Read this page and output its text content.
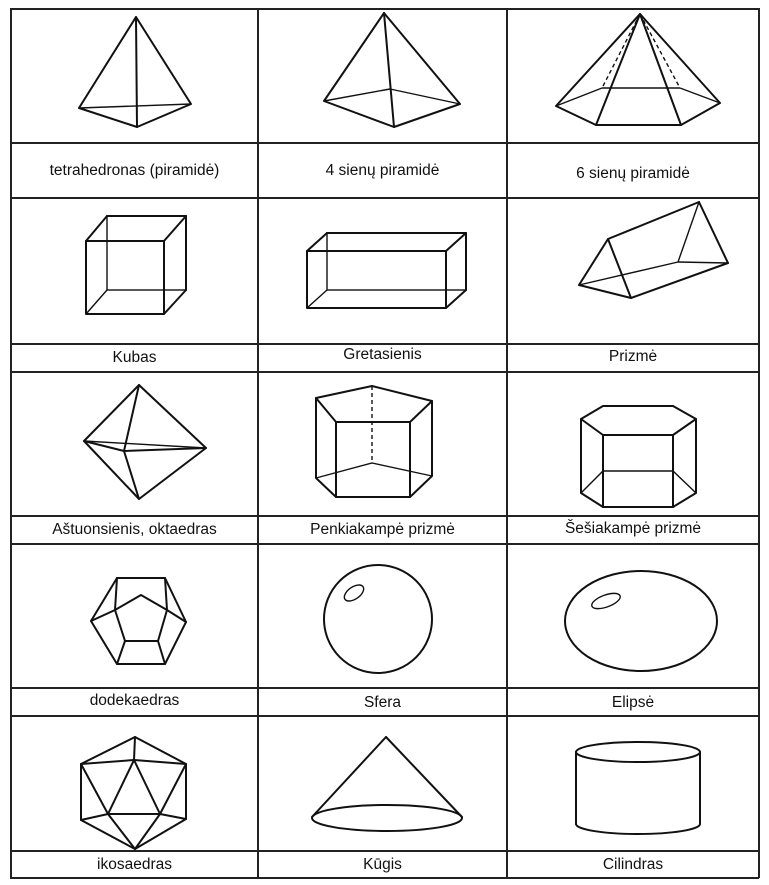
tetrahedronas (piramidė)	4 sienų piramidė	6 sienų piramidė
Kubas	Gretasienis	Prizmė
Aštuonsienis, oktaedras	Penkiakampė prizmė	Šešiakampė prizmė
dodekaedras	Sfera	Elipsė
ikosaedras	Kūgis	Cilindras
